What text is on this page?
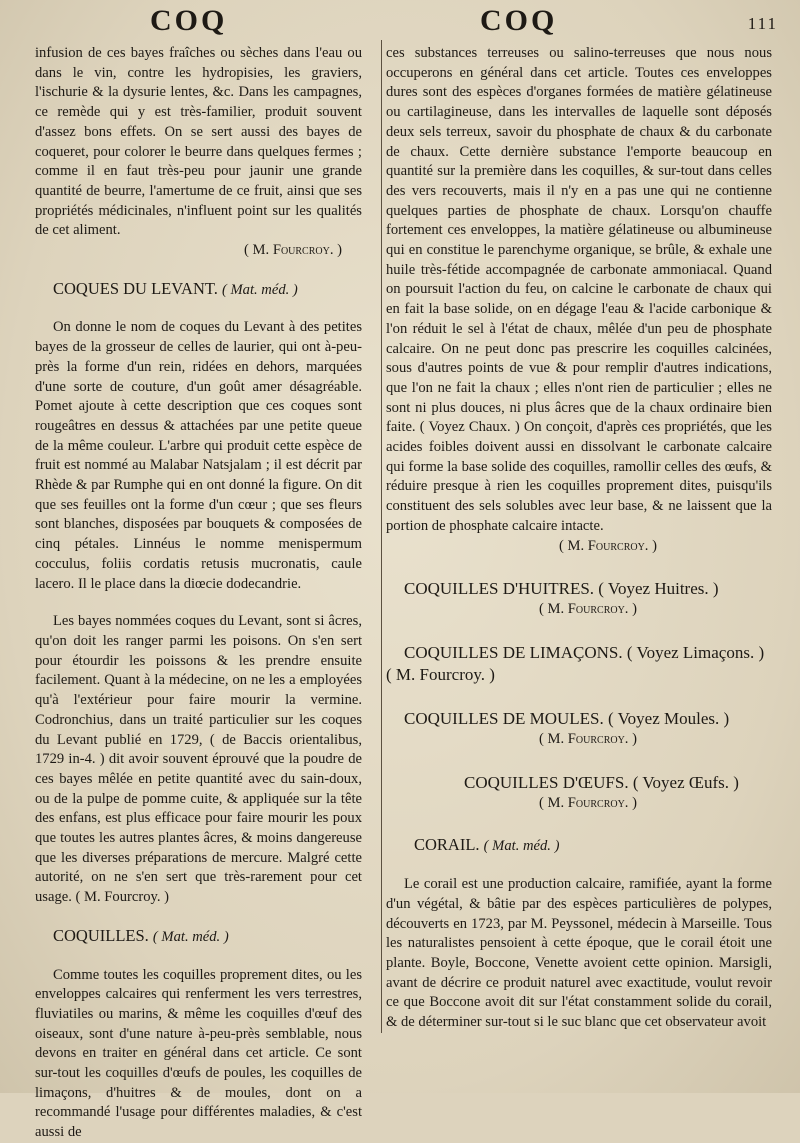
COQ	COQ	111

infusion de ces bayes fraîches ou sèches dans l'eau ou dans le vin, contre les hydropisies, les graviers, l'ischurie & la dysurie lentes, &c. Dans les campagnes, ce remède qui y est très-familier, produit souvent d'assez bons effets. On se sert aussi des bayes de coqueret, pour colorer le beurre dans quelques fermes ; comme il en faut très-peu pour jaunir une grande quantité de beurre, l'amertume de ce fruit, ainsi que ses propriétés médicinales, n'influent point sur les qualités de cet aliment.

( M. Fourcroy. )

COQUES DU LEVANT. ( Mat. méd. )

On donne le nom de coques du Levant à des petites bayes de la grosseur de celles de laurier, qui ont à-peu-près la forme d'un rein, ridées en dehors, marquées d'une sorte de couture, d'un goût amer désagréable. Pomet ajoute à cette description que ces coques sont rougeâtres en dessus & attachées par une petite queue de la même couleur. L'arbre qui produit cette espèce de fruit est nommé au Malabar Natsjalam ; il est décrit par Rhède & par Rumphe qui en ont donné la figure. On dit que ses feuilles ont la forme d'un cœur ; que ses fleurs sont blanches, disposées par bouquets & composées de cinq pétales. Linnéus le nomme menispermum cocculus, foliis cordatis retusis mucronatis, caule lacero. Il le place dans la diœcie dodecandrie.

Les bayes nommées coques du Levant, sont si âcres, qu'on doit les ranger parmi les poisons. On s'en sert pour étourdir les poissons & les prendre ensuite facilement. Quant à la médecine, on ne les a employées qu'à l'extérieur pour faire mourir la vermine. Codronchius, dans un traité particulier sur les coques du Levant publié en 1729, ( de Baccis orientalibus, 1729 in-4. ) dit avoir souvent éprouvé que la poudre de ces bayes mêlée en petite quantité avec du sain-doux, ou de la pulpe de pomme cuite, & appliquée sur la tête des enfans, est plus efficace pour faire mourir les poux que toutes les autres plantes âcres, & moins dangereuse que les diverses préparations de mercure. Malgré cette autorité, on ne s'en sert que très-rarement pour cet usage. ( M. Fourcroy. )

COQUILLES. ( Mat. méd. )

Comme toutes les coquilles proprement dites, ou les enveloppes calcaires qui renferment les vers terrestres, fluviatiles ou marins, & même les coquilles d'œuf des oiseaux, sont d'une nature à-peu-près semblable, nous devons en traiter en général dans cet article. Ce sont sur-tout les coquilles d'œufs de poules, les coquilles de limaçons, d'huitres & de moules, dont on a recommandé l'usage pour différentes maladies, & c'est aussi de

ces substances terreuses ou salino-terreuses que nous nous occuperons en général dans cet article. Toutes ces enveloppes dures sont des espèces d'organes formées de matière gélatineuse ou cartilagineuse, dans les intervalles de laquelle sont déposés deux sels terreux, savoir du phosphate de chaux & du carbonate de chaux. Cette dernière substance l'emporte beaucoup en quantité sur la première dans les coquilles, & sur-tout dans celles des vers recouverts, mais il n'y en a pas une qui ne contienne quelques parties de phosphate de chaux. Lorsqu'on chauffe fortement ces enveloppes, la matière gélatineuse ou albumineuse qui en constitue le parenchyme organique, se brûle, & exhale une huile très-fétide accompagnée de carbonate ammoniacal. Quand on poursuit l'action du feu, on calcine le carbonate de chaux qui en fait la base solide, on en dégage l'eau & l'acide carbonique & l'on réduit le sel à l'état de chaux, mêlée d'un peu de phosphate calcaire. On ne peut donc pas prescrire les coquilles calcinées, sous d'autres points de vue & pour remplir d'autres indications, que l'on ne fait la chaux ; elles n'ont rien de particulier ; elles ne sont ni plus douces, ni plus âcres que de la chaux ordinaire bien faite. ( Voyez Chaux. ) On conçoit, d'après ces propriétés, que les acides foibles doivent aussi en dissolvant le carbonate calcaire qui forme la base solide des coquilles, ramollir celles des œufs, & réduire presque à rien les coquilles proprement dites, puisqu'ils constituent des sels solubles avec leur base, & ne laissent que la portion de phosphate calcaire intacte.

( M. Fourcroy. )

COQUILLES D'HUITRES. ( Voyez Huitres. )

( M. Fourcroy. )

COQUILLES DE LIMAÇONS. ( Voyez Limaçons. ) ( M. Fourcroy. )

COQUILLES DE MOULES. ( Voyez Moules. )

( M. Fourcroy. )

COQUILLES D'ŒUFS. ( Voyez Œufs. )

( M. Fourcroy. )

CORAIL. ( Mat. méd. )

Le corail est une production calcaire, ramifiée, ayant la forme d'un végétal, & bâtie par des espèces particulières de polypes, découverts en 1723, par M. Peyssonel, médecin à Marseille. Tous les naturalistes pensoient à cette époque, que le corail étoit une plante. Boyle, Boccone, Venette avoient cette opinion. Marsigli, avant de décrire ce produit naturel avec exactitude, voulut revoir ce que Boccone avoit dit sur l'état constamment solide du corail, & de déterminer sur-tout si le suc blanc que cet observateur avoit
